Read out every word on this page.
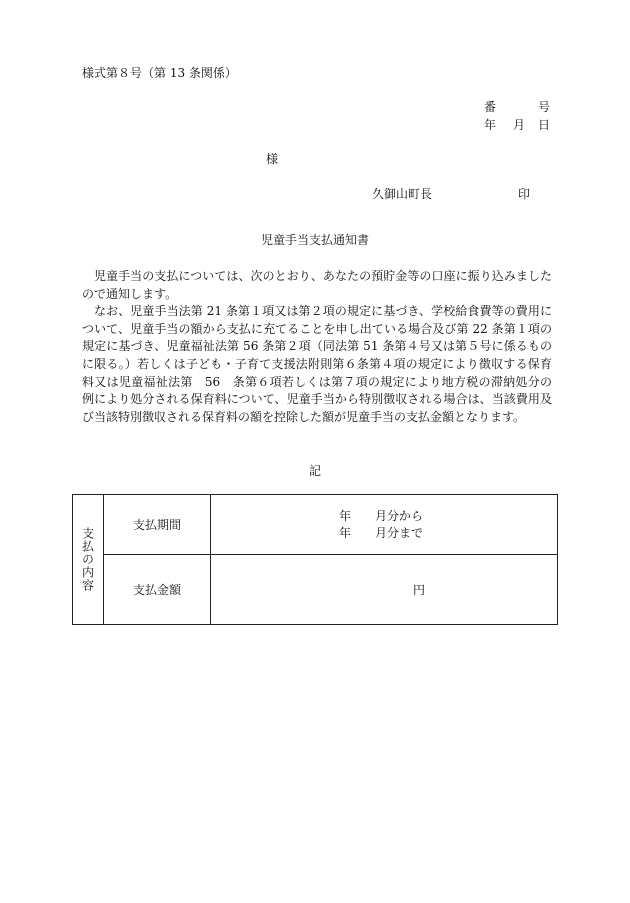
様式第８号（第 13 条関係）
番	号
年 月 日
様
久御山町長	印
児童手当支払通知書

児童手当の支払については、次のとおり、あなたの預貯金等の口座に振り込みましたので通知します。

なお、児童手当法第 21 条第１項又は第２項の規定に基づき、学校給食費等の費用について、児童手当の額から支払に充てることを申し出ている場合及び第 22 条第１項の規定に基づき、児童福祉法第 56 条第２項（同法第 51 条第４号又は第５号に係るものに限る。）若しくは子ども・子育て支援法附則第６条第４項の規定により徴収する保育料又は児童福祉法第　56　条第６項若しくは第７項の規定により地方税の滞納処分の例により処分される保育料について、児童手当から特別徴収される場合は、当該費用及び当該特別徴収される保育料の額を控除した額が児童手当の支払金額となります。

記
支払の内容	支払期間	年　　月分から
年　　月分まで

	支払金額	円
